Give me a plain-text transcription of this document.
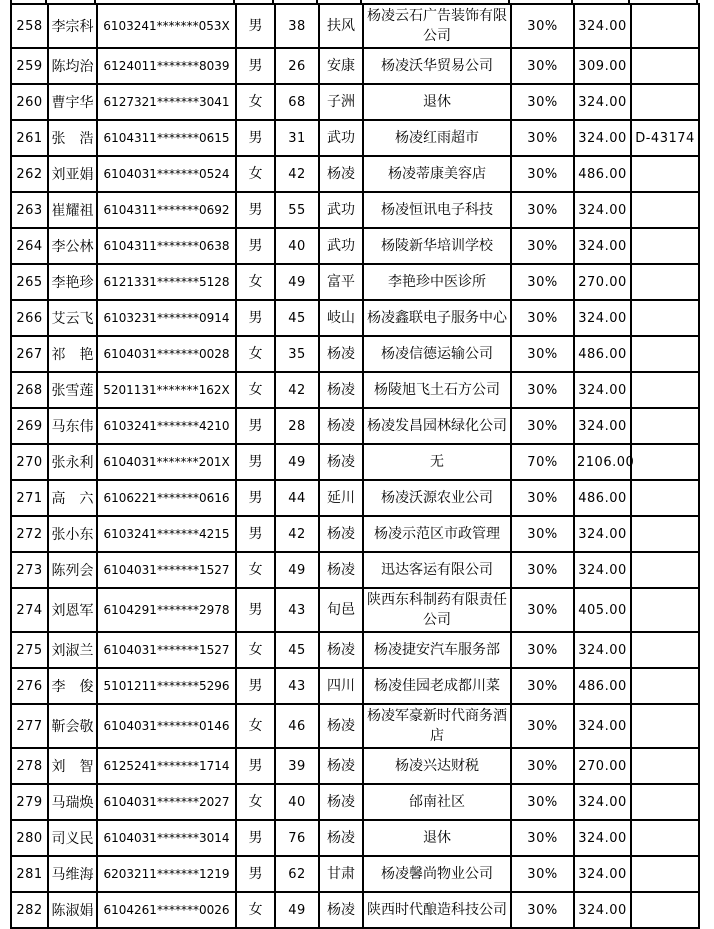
258	李宗科	6103241*******053X	男	38	扶风	杨凌云石广告装饰有限公司	30%	324.00	
259	陈均治	6124011*******8039	男	26	安康	杨凌沃华贸易公司	30%	309.00	
260	曹宇华	6127321*******3041	女	68	子洲	退休	30%	324.00	
261	张　浩	6104311*******0615	男	31	武功	杨凌红雨超市	30%	324.00	D-43174
262	刘亚娟	6104031*******0524	女	42	杨凌	杨凌蒂康美容店	30%	486.00	
263	崔耀祖	6104311*******0692	男	55	武功	杨凌恒讯电子科技	30%	324.00	
264	李公林	6104311*******0638	男	40	武功	杨陵新华培训学校	30%	324.00	
265	李艳珍	6121331*******5128	女	49	富平	李艳珍中医诊所	30%	270.00	
266	艾云飞	6103231*******0914	男	45	岐山	杨凌鑫联电子服务中心	30%	324.00	
267	祁　艳	6104031*******0028	女	35	杨凌	杨凌信德运输公司	30%	486.00	
268	张雪莲	5201131*******162X	女	42	杨凌	杨陵旭飞土石方公司	30%	324.00	
269	马东伟	6103241*******4210	男	28	杨凌	杨凌发昌园林绿化公司	30%	324.00	
270	张永利	6104031*******201X	男	49	杨凌	无	70%	2106.00	
271	高　六	6106221*******0616	男	44	延川	杨凌沃源农业公司	30%	486.00	
272	张小东	6103241*******4215	男	42	杨凌	杨凌示范区市政管理	30%	324.00	
273	陈列会	6104031*******1527	女	49	杨凌	迅达客运有限公司	30%	324.00	
274	刘恩军	6104291*******2978	男	43	旬邑	陕西东科制药有限责任公司	30%	405.00	
275	刘淑兰	6104031*******1527	女	45	杨凌	杨凌捷安汽车服务部	30%	324.00	
276	李　俊	5101211*******5296	男	43	四川	杨凌佳园老成都川菜	30%	486.00	
277	靳会敬	6104031*******0146	女	46	杨凌	杨凌军豪新时代商务酒店	30%	324.00	
278	刘　智	6125241*******1714	男	39	杨凌	杨凌兴达财税	30%	270.00	
279	马瑞焕	6104031*******2027	女	40	杨凌	邰南社区	30%	324.00	
280	司义民	6104031*******3014	男	76	杨凌	退休	30%	324.00	
281	马维海	6203211*******1219	男	62	甘肃	杨凌馨尚物业公司	30%	324.00	
282	陈淑娟	6104261*******0026	女	49	杨凌	陕西时代酿造科技公司	30%	324.00	
